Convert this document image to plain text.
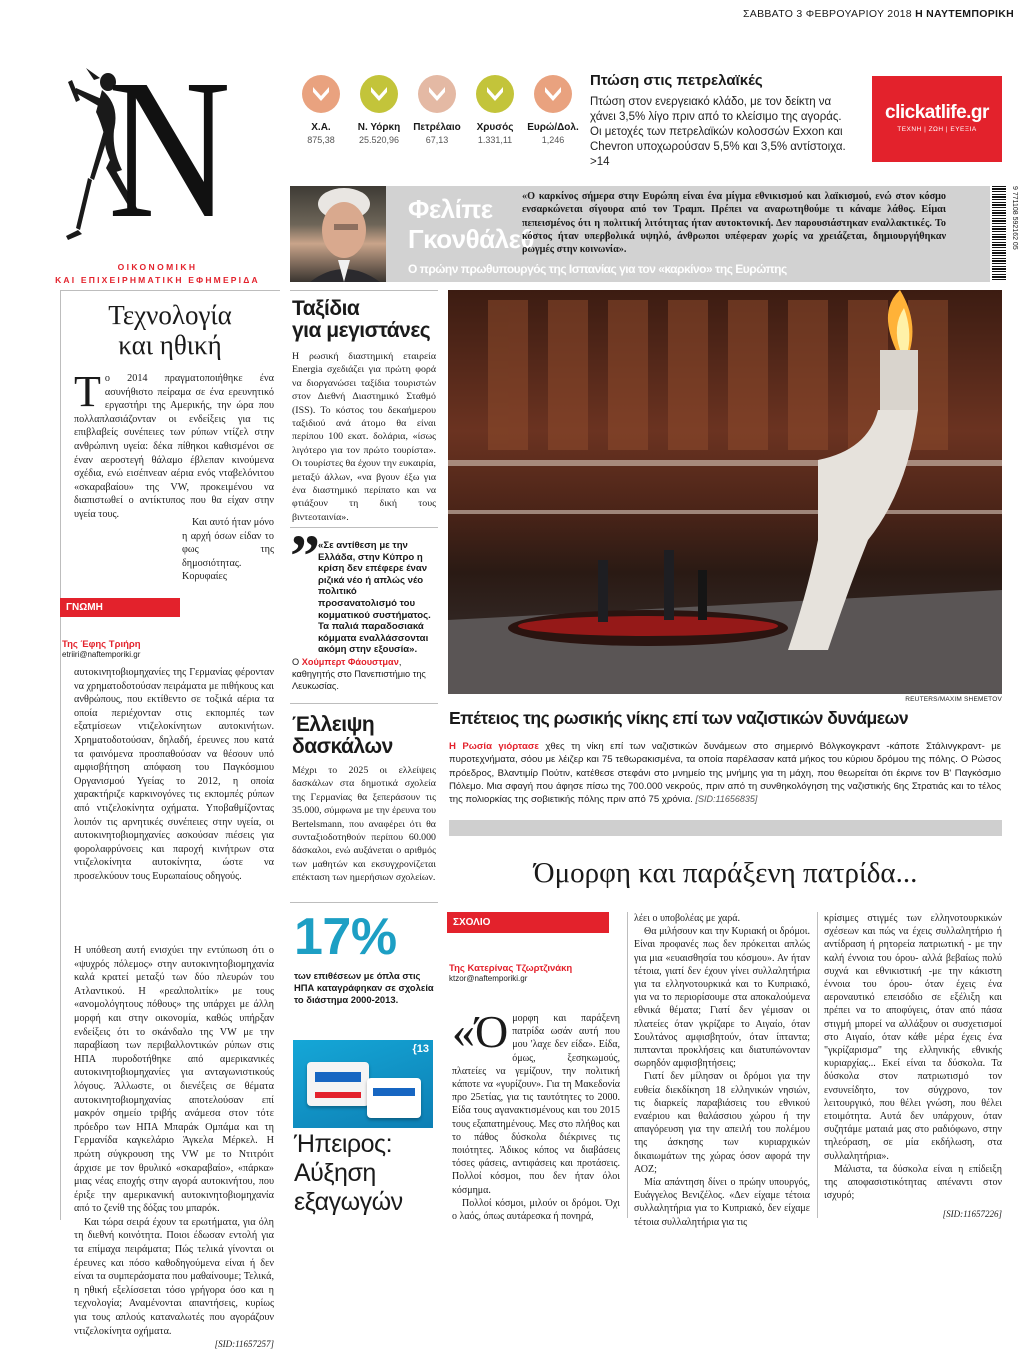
ΣΑΒΒΑΤΟ 3 ΦΕΒΡΟΥΑΡΙΟΥ 2018 Η ΝΑΥΤΕΜΠΟΡΙΚΗ
N
ΟΙΚΟΝΟΜΙΚΗ
ΚΑΙ ΕΠΙΧΕΙΡΗΜΑΤΙΚΗ ΕΦΗΜΕΡΙΔΑ
Χ.Α.
875,38
Ν. Υόρκη
25.520,96
Πετρέλαιο
67,13
Χρυσός
1.331,11
Ευρώ/Δολ.
1,246
Πτώση στις πετρελαϊκές
Πτώση στον ενεργειακό κλάδο, με τον δείκτη να χάνει 3,5% λίγο πριν από το κλείσιμο της αγοράς. Οι μετοχές των πετρελαϊκών κολοσσών Exxon και Chevron υποχωρούσαν 5,5% και 3,5% αντίστοιχα. >14
clickatlife.gr
ΤΕΧΝΗ | ΖΩΗ | ΕΥΕΞΙΑ
Φελίπε Γκονθάλεθ
«Ο καρκίνος σήμερα στην Ευρώπη είναι ένα μίγμα εθνικισμού και λαϊκισμού, ενώ στον κόσμο ενσαρκώνεται σίγουρα από τον Τραμπ. Πρέπει να αναρωτηθούμε τι κάναμε λάθος. Είμαι πεπεισμένος ότι η πολιτική λιτότητας ήταν αυτοκτονική. Δεν παρουσιάστηκαν εναλλακτικές. Το κόστος ήταν υπερβολικά υψηλό, άνθρωποι υπέφεραν χωρίς να χρειάζεται, δημιουργήθηκαν ρωγμές στην κοινωνία».
Ο πρώην πρωθυπουργός της Ισπανίας για τον «καρκίνο» της Ευρώπης
9 771108 592162 05
Τεχνολογία
και ηθική
Τ ο 2014 πραγματοποιήθηκε ένα ασυνήθιστο πείραμα σε ένα ερευνητικό εργαστήρι της Αμερικής, την ώρα που πολλαπλασιάζονταν οι ενδείξεις για τις επιβλαβείς συνέπειες των ρύπων ντίζελ στην ανθρώπινη υγεία: δέκα πίθηκοι καθισμένοι σε έναν αεροστεγή θάλαμο έβλεπαν κινούμενα σχέδια, ενώ εισέπνεαν αέρια ενός νταβελόνιτου «σκαραβαίου» της VW, προκειμένου να διαπιστωθεί ο αντίκτυπος που θα είχαν στην υγεία τους.

Και αυτό ήταν μόνο η αρχή όσων είδαν το φως της δημοσιότητας. Κορυφαίες αυτοκινητοβιομηχανίες της Γερμανίας φέρονταν να χρηματοδοτούσαν πειράματα με πιθήκους και ανθρώπους, που εκτίθεντο σε τοξικά αέρια τα οποία περιέχονταν στις εκπομπές των εξατμίσεων ντιζελοκίνητων αυτοκινήτων. Χρηματοδοτούσαν, δηλαδή, έρευνες που κατά τα φαινόμενα προσπαθούσαν να θέσουν υπό αμφισβήτηση απόφαση του Παγκόσμιου Οργανισμού Υγείας το 2012, η οποία χαρακτήριζε καρκινογόνες τις εκπομπές ρύπων από ντιζελοκίνητα οχήματα. Υποβαθμίζοντας λοιπόν τις αρνητικές συνέπειες στην υγεία, οι αυτοκινητοβιομηχανίες ασκούσαν πιέσεις για φορολαφρύνσεις και παροχή κινήτρων στα ντιζελοκίνητα αυτοκίνητα, ώστε να προσελκύουν τους Ευρωπαίους οδηγούς.

ΓΝΩΜΗ
Της Έφης Τριήρη
etriiri@naftemporiki.gr

Η υπόθεση αυτή ενισχύει την εντύπωση ότι ο «ψυχρός πόλεμος» στην αυτοκινητοβιομηχανία καλά κρατεί μεταξύ των δύο πλευρών του Ατλαντικού. Η «ρεαλπολιτίκ» με τους «ανομολόγητους πόθους» της υπάρχει με άλλη μορφή και στην οικονομία, καθώς υπήρξαν ενδείξεις ότι το σκάνδαλο της VW με την παραβίαση των περιβαλλοντικών ρύπων στις ΗΠΑ πυροδοτήθηκε από αμερικανικές αυτοκινητοβιομηχανίες για ανταγωνιστικούς λόγους. Άλλωστε, οι διενέξεις σε θέματα αυτοκινητοβιομηχανίας αποτελούσαν επί μακρόν σημείο τριβής ανάμεσα στον τότε πρόεδρο των ΗΠΑ Μπαράκ Ομπάμα και τη Γερμανίδα καγκελάριο Άγκελα Μέρκελ. Η πρώτη σύγκρουση της VW με το Ντιτρόιτ άρχισε με τον θρυλικό «σκαραβαίο», «πάρκα» μιας νέας εποχής στην αγορά αυτοκινήτου, που έριξε την αμερικανική αυτοκινητοβιομηχανία από το ζενίθ της δόξας του μπαρόκ.

Και τώρα σειρά έχουν τα ερωτήματα, για όλη τη διεθνή κοινότητα. Ποιοι έδωσαν εντολή για τα επίμαχα πειράματα; Πώς τελικά γίνονται οι έρευνες και πόσο καθοδηγούμενα είναι ή δεν είναι τα συμπεράσματα που μαθαίνουμε; Τελικά, η ηθική εξελίσσεται τόσο γρήγορα όσο και η τεχνολογία; Αναμένονται απαντήσεις, κυρίως για τους απλούς καταναλωτές που αγοράζουν ντιζελοκίνητα οχήματα.

[SID:11657257]
Ταξίδια
για μεγιστάνες
Η ρωσική διαστημική εταιρεία Energia σχεδιάζει για πρώτη φορά να διοργανώσει ταξίδια τουριστών στον Διεθνή Διαστημικό Σταθμό (ISS). Το κόστος του δεκαήμερου ταξιδιού ανά άτομο θα είναι περίπου 100 εκατ. δολάρια, «ίσως λιγότερο για τον πρώτο τουρίστα». Οι τουρίστες θα έχουν την ευκαιρία, μεταξύ άλλων, «να βγουν έξω για ένα διαστημικό περίπατο και να φτιάξουν τη δική τους βιντεοταινία».
”
«Σε αντίθεση με την Ελλάδα, στην Κύπρο η κρίση δεν επέφερε έναν ριζικά νέο ή απλώς νέο πολιτικό προσανατολισμό του κομματικού συστήματος. Τα παλιά παραδοσιακά κόμματα εναλλάσσονται ακόμη στην εξουσία».
Ο Χούμπερτ Φάουστμαν, καθηγητής στο Πανεπιστήμιο της Λευκωσίας.
Έλλειψη
δασκάλων
Μέχρι το 2025 οι ελλείψεις δασκάλων στα δημοτικά σχολεία της Γερμανίας θα ξεπεράσουν τις 35.000, σύμφωνα με την έρευνα του Bertelsmann, που αναφέρει ότι θα συνταξιοδοτηθούν περίπου 60.000 δάσκαλοι, ενώ αυξάνεται ο αριθμός των μαθητών και εκσυγχρονίζεται επέκταση των ημερήσιων σχολείων.
17%
των επιθέσεων με όπλα στις ΗΠΑ καταγράφηκαν σε σχολεία το διάστημα 2000-2013.
{13
Ήπειρος: Αύξηση εξαγωγών
REUTERS/MAXIM SHEMETOV
Επέτειος της ρωσικής νίκης επί των ναζιστικών δυνάμεων
Η Ρωσία γιόρτασε χθες τη νίκη επί των ναζιστικών δυνάμεων στο σημερινό Βόλγκογκραντ -κάποτε Στάλινγκραντ- με πυροτεχνήματα, σόου με λέιζερ και 75 τεθωρακισμένα, τα οποία παρέλασαν κατά μήκος του κύριου δρόμου της πόλης. Ο Ρώσος πρόεδρος, Βλαντιμίρ Πούτιν, κατέθεσε στεφάνι στο μνημείο της μνήμης για τη μάχη, που θεωρείται ότι έκρινε τον Β' Παγκόσμιο Πόλεμο. Μια σφαγή που άφησε πίσω της 700.000 νεκρούς, πριν από τη συνθηκολόγηση της ναζιστικής 6ης Στρατιάς και το τέλος της πολιορκίας της σοβιετικής πόλης πριν από 75 χρόνια. [SID:11656835]
Όμορφη και παράξενη πατρίδα...
ΣΧΟΛΙΟ
Της Κατερίνας Τζωρτζινάκη
ktzor@naftemporiki.gr
«Ό μορφη και παράξενη πατρίδα ωσάν αυτή που μου 'λαχε δεν είδα». Είδα, όμως, ξεσηκωμούς, πλατείες να γεμίζουν, την πολιτική κάποτε να «γυρίζουν». Για τη Μακεδονία προ 25ετίας, για τις ταυτότητες το 2000. Είδα τους αγανακτισμένους και του 2015 τους εξαπατημένους. Μες στο πλήθος και το πάθος δύσκολα διέκρινες τις ποιότητες. Άδικος κόπος να διαβάσεις τόσες φάσεις, αντιφάσεις και προτάσεις. Πολλοί κόσμοι, που δεν ήταν όλοι κόσμημα.

Πολλοί κόσμοι, μιλούν οι δρόμοι. Όχι ο λαός, όπως αυτάρεσκα ή πονηρά,

λέει ο υποβολέας με χαρά.

Θα μιλήσουν και την Κυριακή οι δρόμοι. Είναι προφανές πως δεν πρόκειται απλώς για μια «ευαισθησία του κόσμου». Αν ήταν τέτοια, γιατί δεν έχουν γίνει συλλαλητήρια για τα ελληνοτουρκικά και το Κυπριακό, για να το περιορίσουμε στα αποκαλούμενα εθνικά θέματα; Γιατί δεν γέμισαν οι πλατείες όταν γκρίζαρε το Αιγαίο, όταν Σουλτάνος αμφισβητούν, όταν ίπταντα; πιπτανται προκλήσεις και διατυπώνονταν σωρηδόν αμφισβητήσεις;

Γιατί δεν μίλησαν οι δρόμοι για την ευθεία διεκδίκηση 18 ελληνικών νησιών, τις διαρκείς παραβιάσεις του εθνικού εναέριου και θαλάσσιου χώρου ή την απαγόρευση για την απειλή του πολέμου της άσκησης των κυριαρχικών δικαιωμάτων της χώρας όσον αφορά την ΑΟΖ;

Μία απάντηση δίνει ο πρώην υπουργός, Ευάγγελος Βενιζέλος. «Δεν είχαμε τέτοια συλλαλητήρια για το Κυπριακό, δεν είχαμε τέτοια συλλαλητήρια για τις

κρίσιμες στιγμές των ελληνοτουρκικών σχέσεων και πώς να έχεις συλλαλητήριο ή αντίδραση ή ρητορεία πατριωτική - με την καλή έννοια του όρου- αλλά βεβαίως πολύ συχνά και εθνικιστική -με την κάκιστη έννοια του όρου- όταν έχεις ένα αεροναυτικό επεισόδιο σε εξέλιξη και πρέπει να το αποφύγεις, όταν από πάσα στιγμή μπορεί να αλλάξουν οι συσχετισμοί στο Αιγαίο, όταν κάθε μέρα έχεις ένα "γκρίζαρισμα" της ελληνικής εθνικής κυριαρχίας... Εκεί είναι τα δύσκολα. Τα δύσκολα στον πατριωτισμό τον ενσυνείδητο, τον σύγχρονο, τον λειτουργικό, που θέλει γνώση, που θέλει ετοιμότητα. Αυτά δεν υπάρχουν, όταν συζητάμε ματαιά μας στο ραδιόφωνο, στην τηλεόραση, σε μία εκδήλωση, στα συλλαλητήρια».

Μάλιστα, τα δύσκολα είναι η επίδειξη της αποφασιστικότητας απέναντι στον ισχυρό;

[SID:11657226]
